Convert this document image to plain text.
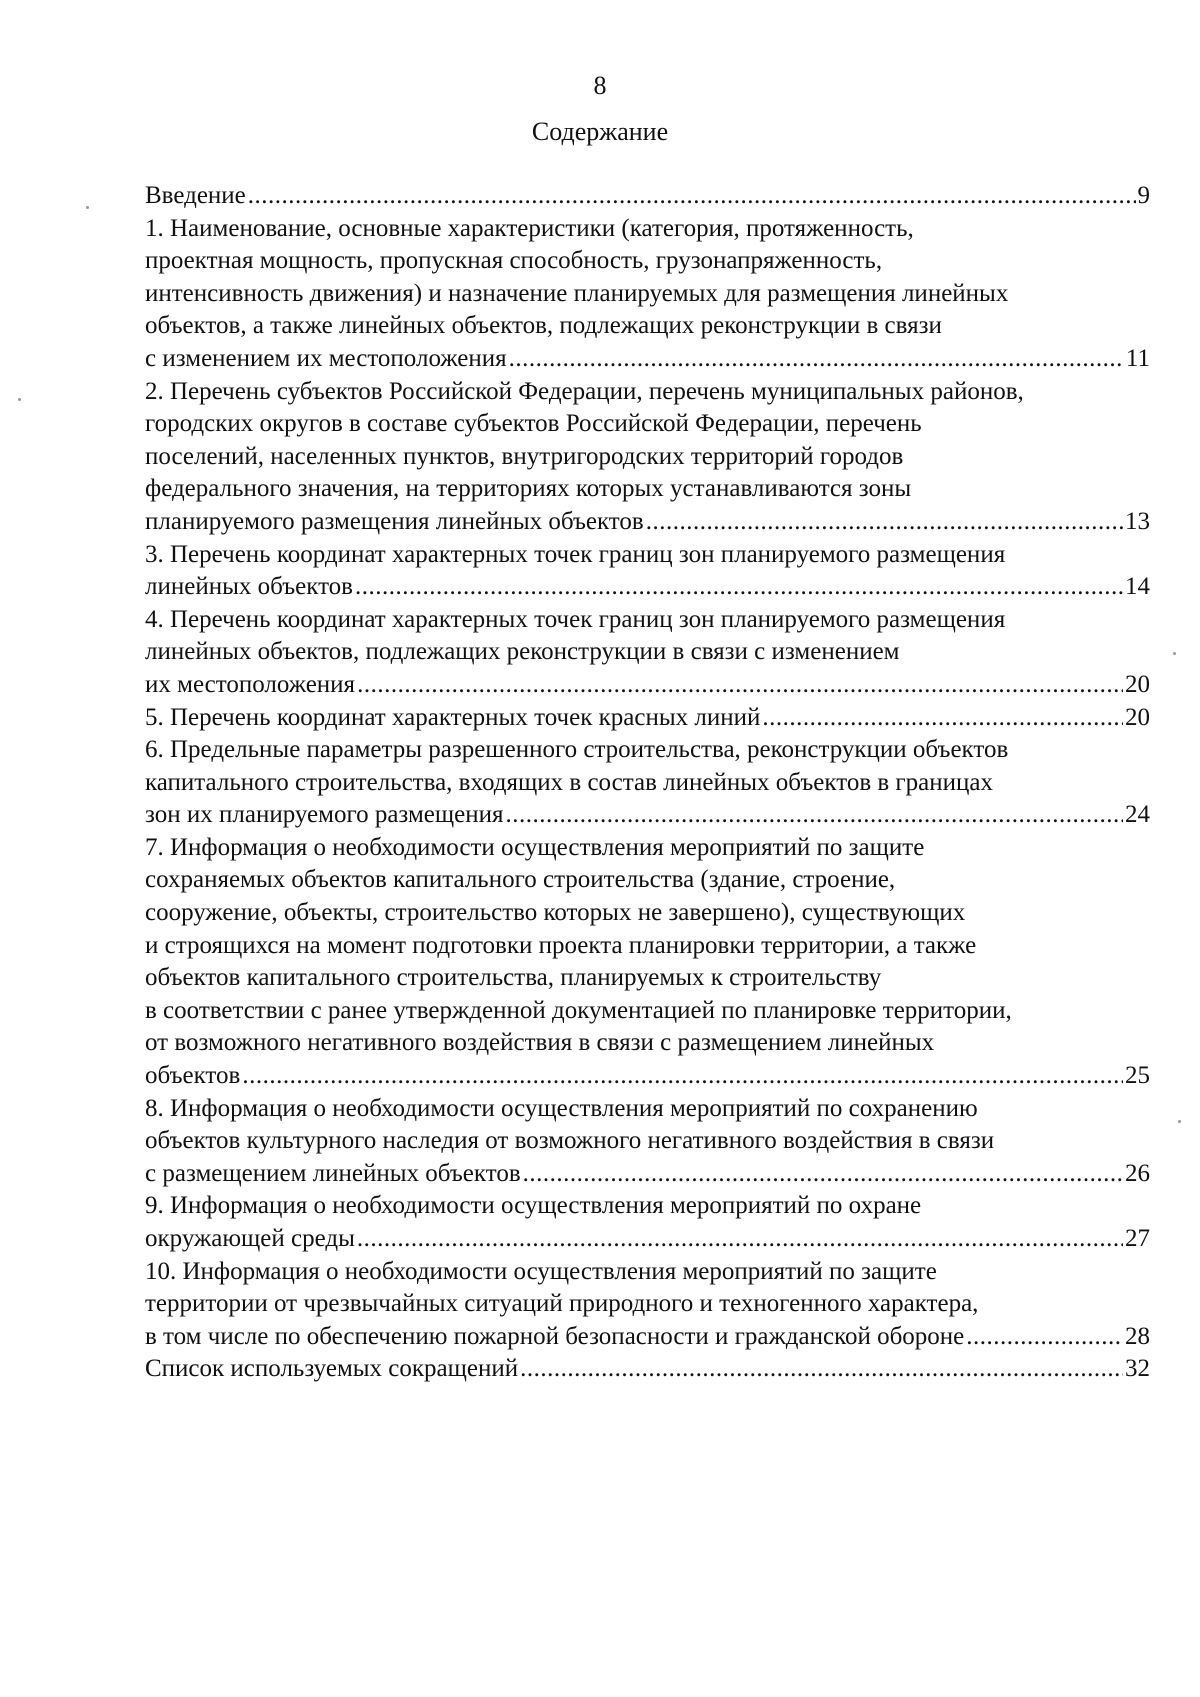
8
Содержание
Введение .....	9
1. Наименование, основные характеристики (категория, протяженность,
проектная мощность, пропускная способность, грузонапряженность,
интенсивность движения) и назначение планируемых для размещения линейных
объектов, а также линейных объектов, подлежащих реконструкции в связи
с изменением их местоположения .....	11
2. Перечень субъектов Российской Федерации, перечень муниципальных районов,
городских округов в составе субъектов Российской Федерации, перечень
поселений, населенных пунктов, внутригородских территорий городов
федерального значения, на территориях которых устанавливаются зоны
планируемого размещения линейных объектов .....	13
3. Перечень координат характерных точек границ зон планируемого размещения
линейных объектов .....	14
4. Перечень координат характерных точек границ зон планируемого размещения
линейных объектов, подлежащих реконструкции в связи с изменением
их местоположения .....	20
5. Перечень координат характерных точек красных линий .....	20
6. Предельные параметры разрешенного строительства, реконструкции объектов
капитального строительства, входящих в состав линейных объектов в границах
зон их планируемого размещения .....	24
7. Информация о необходимости осуществления мероприятий по защите
сохраняемых объектов капитального строительства (здание, строение,
сооружение, объекты, строительство которых не завершено), существующих
и строящихся на момент подготовки проекта планировки территории, а также
объектов капитального строительства, планируемых к строительству
в соответствии с ранее утвержденной документацией по планировке территории,
от возможного негативного воздействия в связи с размещением линейных
объектов .....	25
8. Информация о необходимости осуществления мероприятий по сохранению
объектов культурного наследия от возможного негативного воздействия в связи
с размещением линейных объектов .....	26
9. Информация о необходимости осуществления мероприятий по охране
окружающей среды .....	27
10. Информация о необходимости осуществления мероприятий по защите
территории от чрезвычайных ситуаций природного и техногенного характера,
в том числе по обеспечению пожарной безопасности и гражданской обороне .....	28
Список используемых сокращений .....	32
